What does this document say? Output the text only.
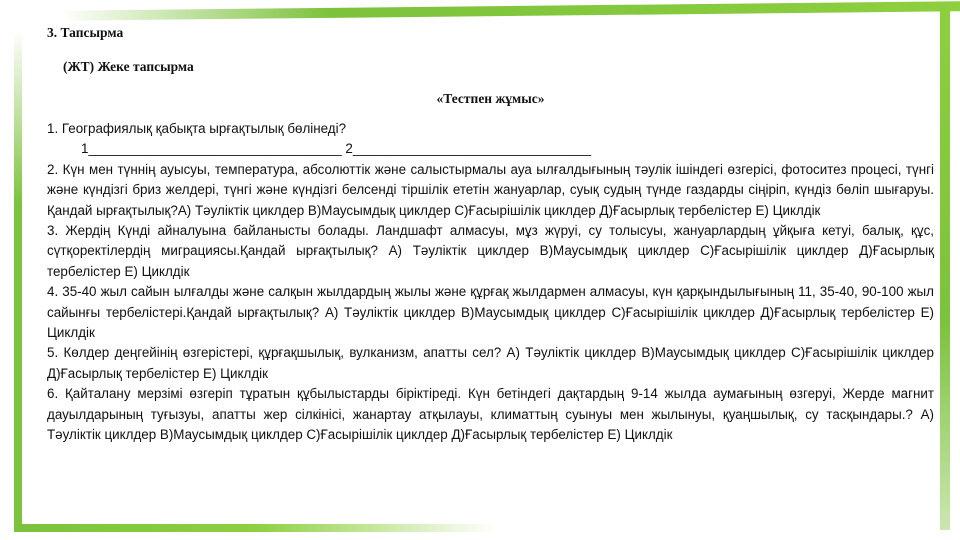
3. Тапсырма
(ЖТ) Жеке тапсырма
«Тестпен жұмыс»

1. Географиялық қабықта ырғақтылық бөлінеді?

1__________________________________ 2________________________________

2. Күн мен түннің ауысуы, температура, абсолюттік және салыстырмалы ауа ылғалдығының тәулік ішіндегі өзгерісі, фотоситез процесі, түнгі және күндізгі бриз желдері, түнгі және күндізгі белсенді тіршілік ететін жануарлар, суық судың түнде газдарды сіңіріп, күндіз бөліп шығаруы. Қандай ырғақтылық?А) Тәуліктік циклдер В)Маусымдық циклдер С)Ғасырішілік циклдер Д)Ғасырлық тербелістер Е) Циклдік

3. Жердің Күнді айналуына байланысты болады. Ландшафт алмасуы, мұз жүруі, су толысуы, жануарлардың ұйқыға кетуі, балық, құс, сүтқоректілердің миграциясы.Қандай ырғақтылық? А) Тәуліктік циклдер В)Маусымдық циклдер С)Ғасырішілік циклдер Д)Ғасырлық тербелістер Е) Циклдік

4. 35-40 жыл сайын ылғалды және салқын жылдардың жылы және құрғақ жылдармен алмасуы, күн қарқындылығының 11, 35-40, 90-100 жыл сайынғы тербелістері.Қандай ырғақтылық? А) Тәуліктік циклдер В)Маусымдық циклдер С)Ғасырішілік циклдер Д)Ғасырлық тербелістер Е) Циклдік

5. Көлдер деңгейінің өзгерістері, құрғақшылық, вулканизм, апатты сел? А) Тәуліктік циклдер В)Маусымдық циклдер С)Ғасырішілік циклдер Д)Ғасырлық тербелістер Е) Циклдік

6. Қайталану мерзімі өзгеріп тұратын құбылыстарды біріктіреді. Күн бетіндегі дақтардың 9-14 жылда аумағының өзгеруі, Жерде магнит дауылдарының туғызуы, апатты жер сілкінісі, жанартау атқылауы, климаттың суынуы мен жылынуы, қуаңшылық, су тасқындары.? А) Тәуліктік циклдер В)Маусымдық циклдер С)Ғасырішілік циклдер Д)Ғасырлық тербелістер Е) Циклдік
